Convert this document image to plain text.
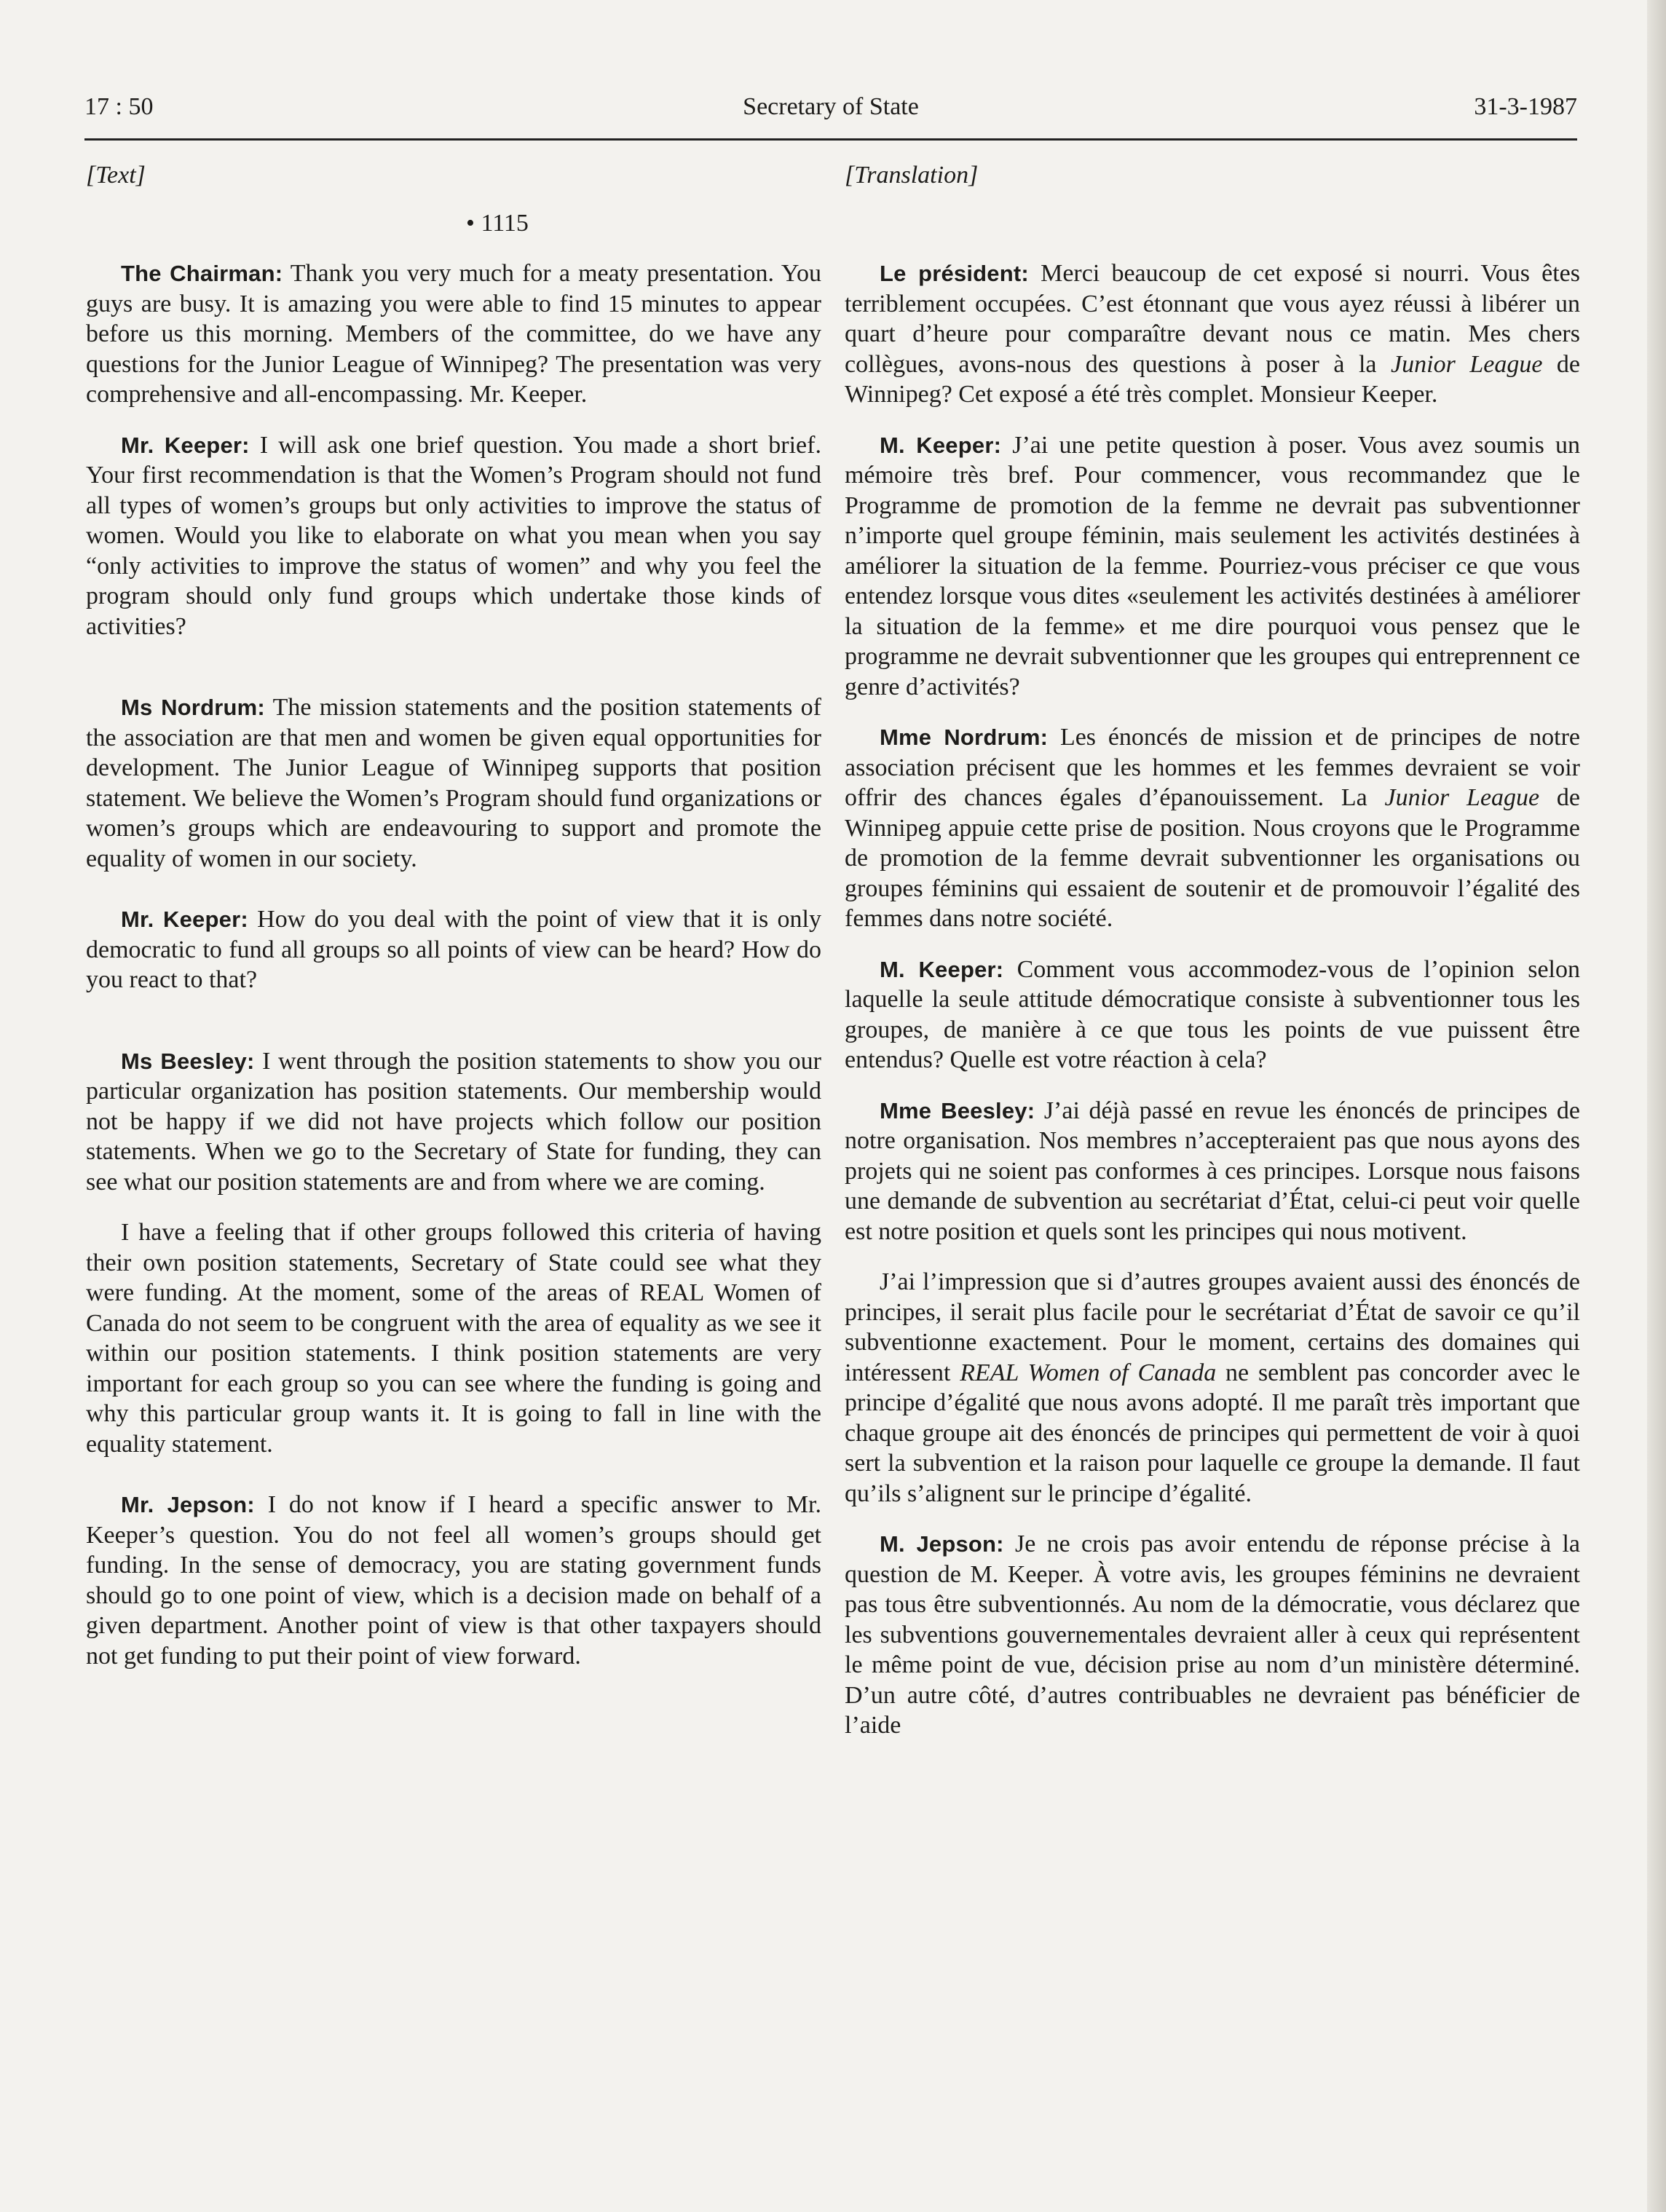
17 : 50	Secretary of State	31-3-1987
[Text]
• 1115

The Chairman: Thank you very much for a meaty presentation. You guys are busy. It is amazing you were able to find 15 minutes to appear before us this morning. Members of the committee, do we have any questions for the Junior League of Winnipeg? The presentation was very comprehensive and all-encompassing. Mr. Keeper.

Mr. Keeper: I will ask one brief question. You made a short brief. Your first recommendation is that the Women’s Program should not fund all types of women’s groups but only activities to improve the status of women. Would you like to elaborate on what you mean when you say “only activities to improve the status of women” and why you feel the program should only fund groups which undertake those kinds of activities?

Ms Nordrum: The mission statements and the position statements of the association are that men and women be given equal opportunities for development. The Junior League of Winnipeg supports that position statement. We believe the Women’s Program should fund organizations or women’s groups which are endeavouring to support and promote the equality of women in our society.

Mr. Keeper: How do you deal with the point of view that it is only democratic to fund all groups so all points of view can be heard? How do you react to that?

Ms Beesley: I went through the position statements to show you our particular organization has position statements. Our membership would not be happy if we did not have projects which follow our position statements. When we go to the Secretary of State for funding, they can see what our position statements are and from where we are coming.

I have a feeling that if other groups followed this criteria of having their own position statements, Secretary of State could see what they were funding. At the moment, some of the areas of REAL Women of Canada do not seem to be congruent with the area of equality as we see it within our position statements. I think position statements are very important for each group so you can see where the funding is going and why this particular group wants it. It is going to fall in line with the equality statement.

Mr. Jepson: I do not know if I heard a specific answer to Mr. Keeper’s question. You do not feel all women’s groups should get funding. In the sense of democracy, you are stating government funds should go to one point of view, which is a decision made on behalf of a given department. Another point of view is that other taxpayers should not get funding to put their point of view forward.

[Translation]

Le président: Merci beaucoup de cet exposé si nourri. Vous êtes terriblement occupées. C’est étonnant que vous ayez réussi à libérer un quart d’heure pour comparaître devant nous ce matin. Mes chers collègues, avons-nous des questions à poser à la Junior League de Winnipeg? Cet exposé a été très complet. Monsieur Keeper.

M. Keeper: J’ai une petite question à poser. Vous avez soumis un mémoire très bref. Pour commencer, vous recommandez que le Programme de promotion de la femme ne devrait pas subventionner n’importe quel groupe féminin, mais seulement les activités destinées à améliorer la situation de la femme. Pourriez-vous préciser ce que vous entendez lorsque vous dites «seulement les activités destinées à améliorer la situation de la femme» et me dire pourquoi vous pensez que le programme ne devrait subventionner que les groupes qui entreprennent ce genre d’activités?

Mme Nordrum: Les énoncés de mission et de principes de notre association précisent que les hommes et les femmes devraient se voir offrir des chances égales d’épanouissement. La Junior League de Winnipeg appuie cette prise de position. Nous croyons que le Programme de promotion de la femme devrait subventionner les organisations ou groupes féminins qui essaient de soutenir et de promouvoir l’égalité des femmes dans notre société.

M. Keeper: Comment vous accommodez-vous de l’opinion selon laquelle la seule attitude démocratique consiste à subventionner tous les groupes, de manière à ce que tous les points de vue puissent être entendus? Quelle est votre réaction à cela?

Mme Beesley: J’ai déjà passé en revue les énoncés de principes de notre organisation. Nos membres n’accepteraient pas que nous ayons des projets qui ne soient pas conformes à ces principes. Lorsque nous faisons une demande de subvention au secrétariat d’État, celui-ci peut voir quelle est notre position et quels sont les principes qui nous motivent.

J’ai l’impression que si d’autres groupes avaient aussi des énoncés de principes, il serait plus facile pour le secrétariat d’État de savoir ce qu’il subventionne exactement. Pour le moment, certains des domaines qui intéressent REAL Women of Canada ne semblent pas concorder avec le principe d’égalité que nous avons adopté. Il me paraît très important que chaque groupe ait des énoncés de principes qui permettent de voir à quoi sert la subvention et la raison pour laquelle ce groupe la demande. Il faut qu’ils s’alignent sur le principe d’égalité.

M. Jepson: Je ne crois pas avoir entendu de réponse précise à la question de M. Keeper. À votre avis, les groupes féminins ne devraient pas tous être subventionnés. Au nom de la démocratie, vous déclarez que les subventions gouvernementales devraient aller à ceux qui représentent le même point de vue, décision prise au nom d’un ministère déterminé. D’un autre côté, d’autres contribuables ne devraient pas bénéficier de l’aide
